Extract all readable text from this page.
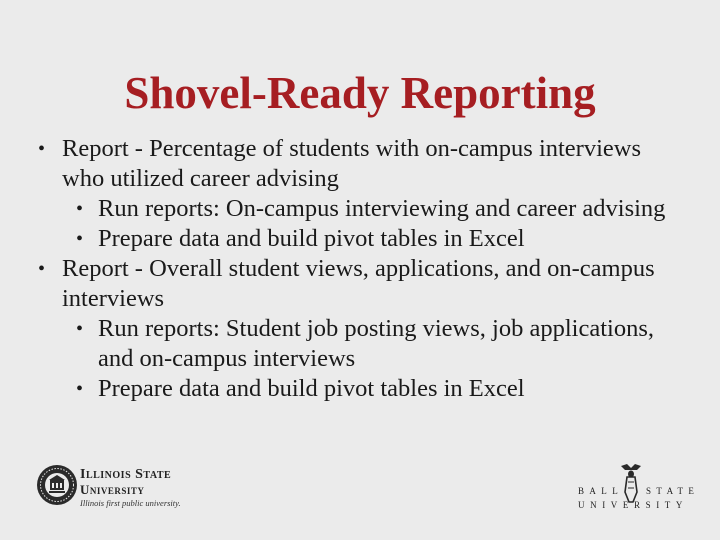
Shovel-Ready Reporting
• Report - Percentage of students with on-campus interviews who utilized career advising
• Run reports: On-campus interviewing and career advising
• Prepare data and build pivot tables in Excel
• Report - Overall student views, applications, and on-campus interviews
• Run reports: Student job posting views, job applications, and on-campus interviews
• Prepare data and build pivot tables in Excel
Illinois State
University
Illinois first public university.
BALL	STATE
UNIVERSITY
